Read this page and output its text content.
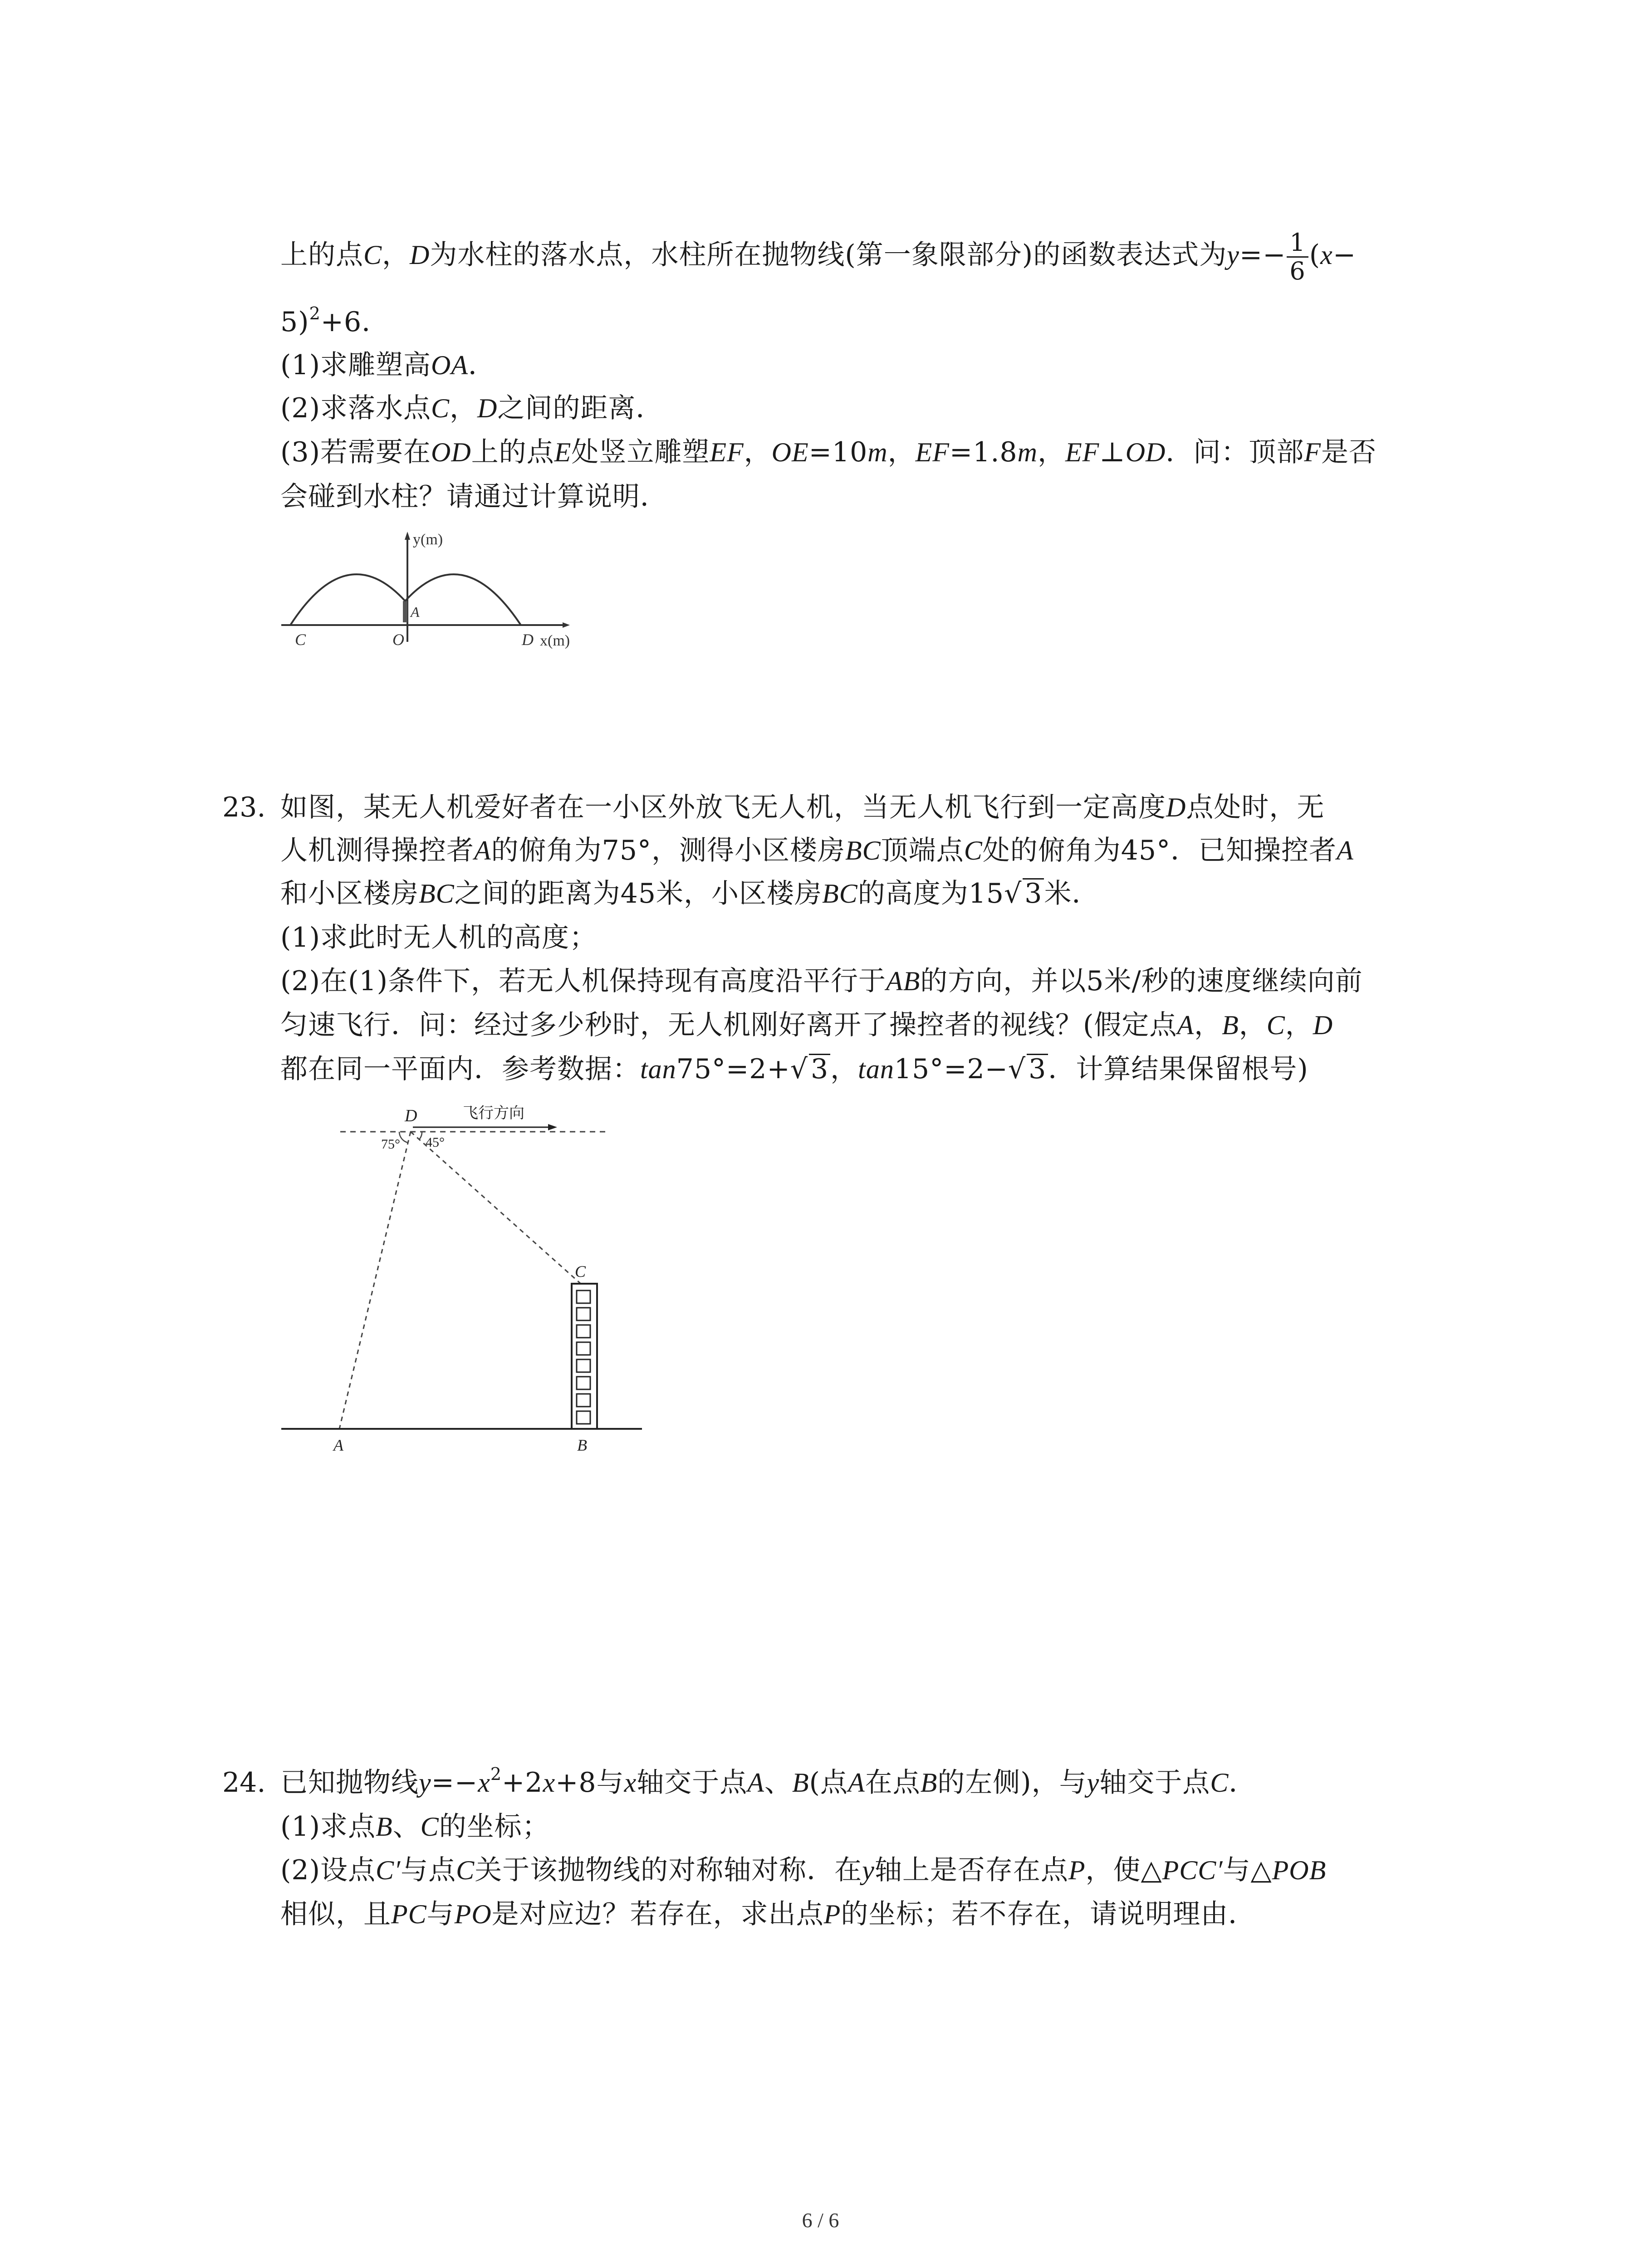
上的点C，D为水柱的落水点，水柱所在抛物线(第一象限部分)的函数表达式为$y=- \frac{1}{6} (x-$
5)$^2$+6．
(1)求雕塑高OA．
(2)求落水点C，D之间的距离．
(3)若需要在OD上的点E处竖立雕塑EF，OE=10m，EF=1.8m，EF⊥OD．问：顶部F是否
会碰到水柱？请通过计算说明．
y(m)
x(m)
C	O
A
D
23. 如图，某无人机爱好者在一小区外放飞无人机，当无人机飞行到一定高度D点处时，无
人机测得操控者A的俯角为75°，测得小区楼房BC顶端点C处的俯角为45°．已知操控者A
和小区楼房BC之间的距离为45米，小区楼房BC的高度为15√ 3米．
(1)求此时无人机的高度；
(2)在(1)条件下，若无人机保持现有高度沿平行于AB的方向，并以5米/秒的速度继续向前
匀速飞行．问：经过多少秒时，无人机刚好离开了操控者的视线？(假定点A，B，C，D
都在同一平面内．参考数据：tan75°=2+√ 3，tan15°=2−√ 3．计算结果保留根号)
D	飞行方向
75° 45°
C
A	B
24. 已知抛物线$y=-x^2+2x+8$与x轴交于点A、B(点A在点B的左侧)，与y轴交于点C．
(1)求点B、C的坐标；
(2)设点C′与点C关于该抛物线的对称轴对称．在y轴上是否存在点P，使△PCC′与△POB
相似，且PC与PO是对应边？若存在，求出点P的坐标；若不存在，请说明理由．
6 / 6
